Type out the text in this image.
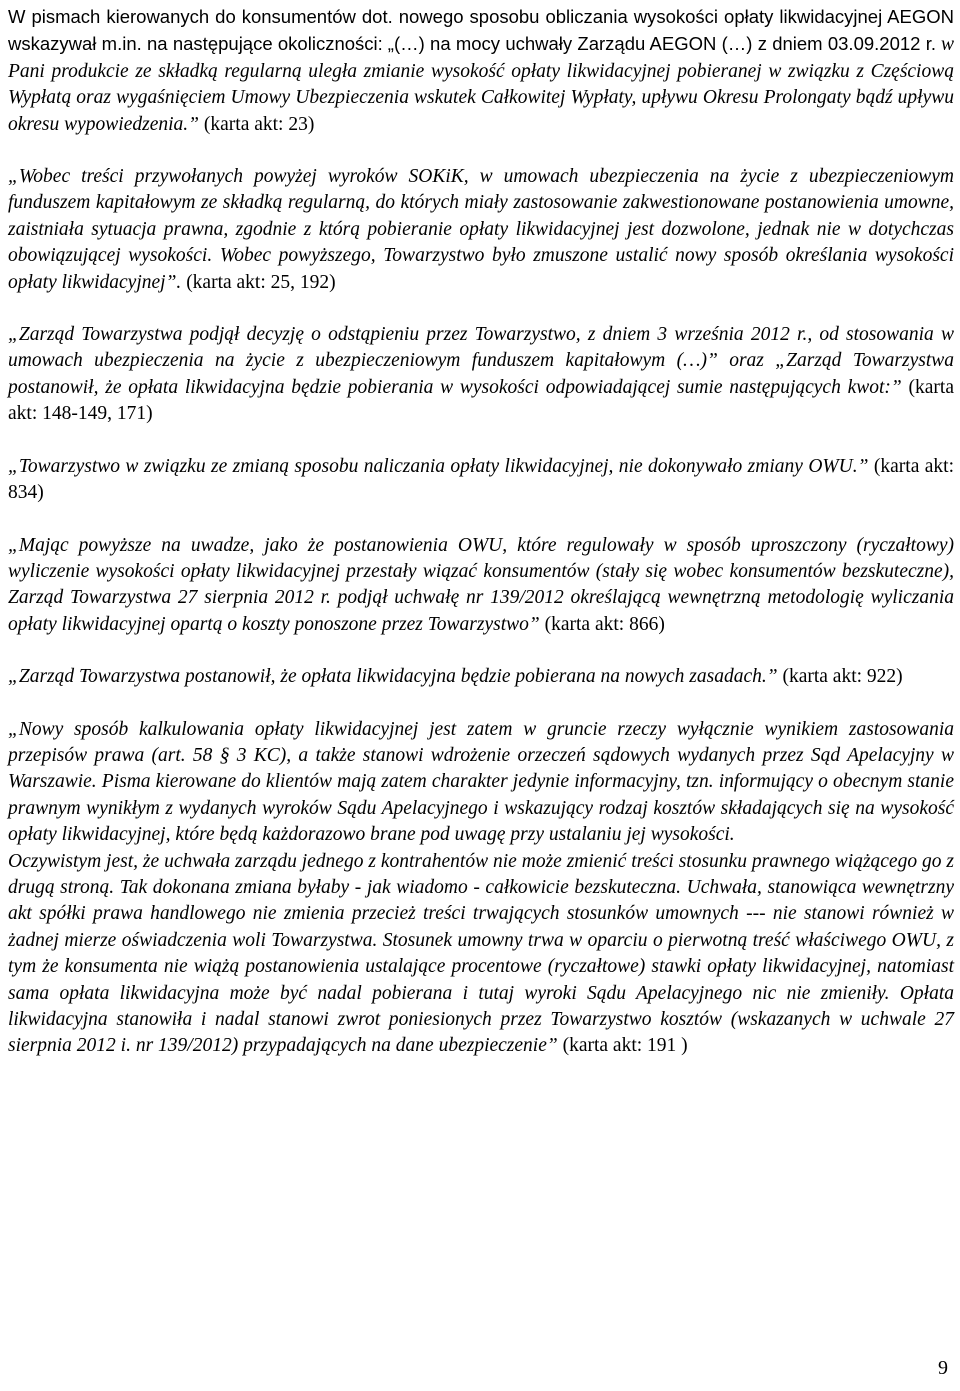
W pismach kierowanych do konsumentów dot. nowego sposobu obliczania wysokości opłaty likwidacyjnej AEGON wskazywał m.in. na następujące okoliczności: „(…) na mocy uchwały Zarządu AEGON (…) z dniem 03.09.2012 r. w Pani produkcie ze składką regularną uległa zmianie wysokość opłaty likwidacyjnej pobieranej w związku z Częściową Wypłatą oraz wygaśnięciem Umowy Ubezpieczenia wskutek Całkowitej Wypłaty, upływu Okresu Prolongaty bądź upływu okresu wypowiedzenia.” (karta akt: 23)

„Wobec treści przywołanych powyżej wyroków SOKiK, w umowach ubezpieczenia na życie z ubezpieczeniowym funduszem kapitałowym ze składką regularną, do których miały zastosowanie zakwestionowane postanowienia umowne, zaistniała sytuacja prawna, zgodnie z którą pobieranie opłaty likwidacyjnej jest dozwolone, jednak nie w dotychczas obowiązującej wysokości. Wobec powyższego, Towarzystwo było zmuszone ustalić nowy sposób określania wysokości opłaty likwidacyjnej”. (karta akt: 25, 192)

„Zarząd Towarzystwa podjął decyzję o odstąpieniu przez Towarzystwo, z dniem 3 września 2012 r., od stosowania w umowach ubezpieczenia na życie z ubezpieczeniowym funduszem kapitałowym (…)” oraz „Zarząd Towarzystwa postanowił, że opłata likwidacyjna będzie pobierania w wysokości odpowiadającej sumie następujących kwot:” (karta akt: 148-149, 171)

„Towarzystwo w związku ze zmianą sposobu naliczania opłaty likwidacyjnej, nie dokonywało zmiany OWU.” (karta akt: 834)

„Mając powyższe na uwadze, jako że postanowienia OWU, które regulowały w sposób uproszczony (ryczałtowy) wyliczenie wysokości opłaty likwidacyjnej przestały wiązać konsumentów (stały się wobec konsumentów bezskuteczne), Zarząd Towarzystwa 27 sierpnia 2012 r. podjął uchwałę nr 139/2012 określającą wewnętrzną metodologię wyliczania opłaty likwidacyjnej opartą o koszty ponoszone przez Towarzystwo” (karta akt: 866)

„Zarząd Towarzystwa postanowił, że opłata likwidacyjna będzie pobierana na nowych zasadach.” (karta akt: 922)

„Nowy sposób kalkulowania opłaty likwidacyjnej jest zatem w gruncie rzeczy wyłącznie wynikiem zastosowania przepisów prawa (art. 58 § 3 KC), a także stanowi wdrożenie orzeczeń sądowych wydanych przez Sąd Apelacyjny w Warszawie. Pisma kierowane do klientów mają zatem charakter jedynie informacyjny, tzn. informujący o obecnym stanie prawnym wynikłym z wydanych wyroków Sądu Apelacyjnego i wskazujący rodzaj kosztów składających się na wysokość opłaty likwidacyjnej, które będą każdorazowo brane pod uwagę przy ustalaniu jej wysokości.

Oczywistym jest, że uchwała zarządu jednego z kontrahentów nie może zmienić treści stosunku prawnego wiążącego go z drugą stroną. Tak dokonana zmiana byłaby - jak wiadomo - całkowicie bezskuteczna. Uchwała, stanowiąca wewnętrzny akt spółki prawa handlowego nie zmienia przecież treści trwających stosunków umownych --- nie stanowi również w żadnej mierze oświadczenia woli Towarzystwa. Stosunek umowny trwa w oparciu o pierwotną treść właściwego OWU, z tym że konsumenta nie wiążą postanowienia ustalające procentowe (ryczałtowe) stawki opłaty likwidacyjnej, natomiast sama opłata likwidacyjna może być nadal pobierana i tutaj wyroki Sądu Apelacyjnego nic nie zmieniły. Opłata likwidacyjna stanowiła i nadal stanowi zwrot poniesionych przez Towarzystwo kosztów (wskazanych w uchwale 27 sierpnia 2012 i. nr 139/2012) przypadających na dane ubezpieczenie” (karta akt: 191 )

9
